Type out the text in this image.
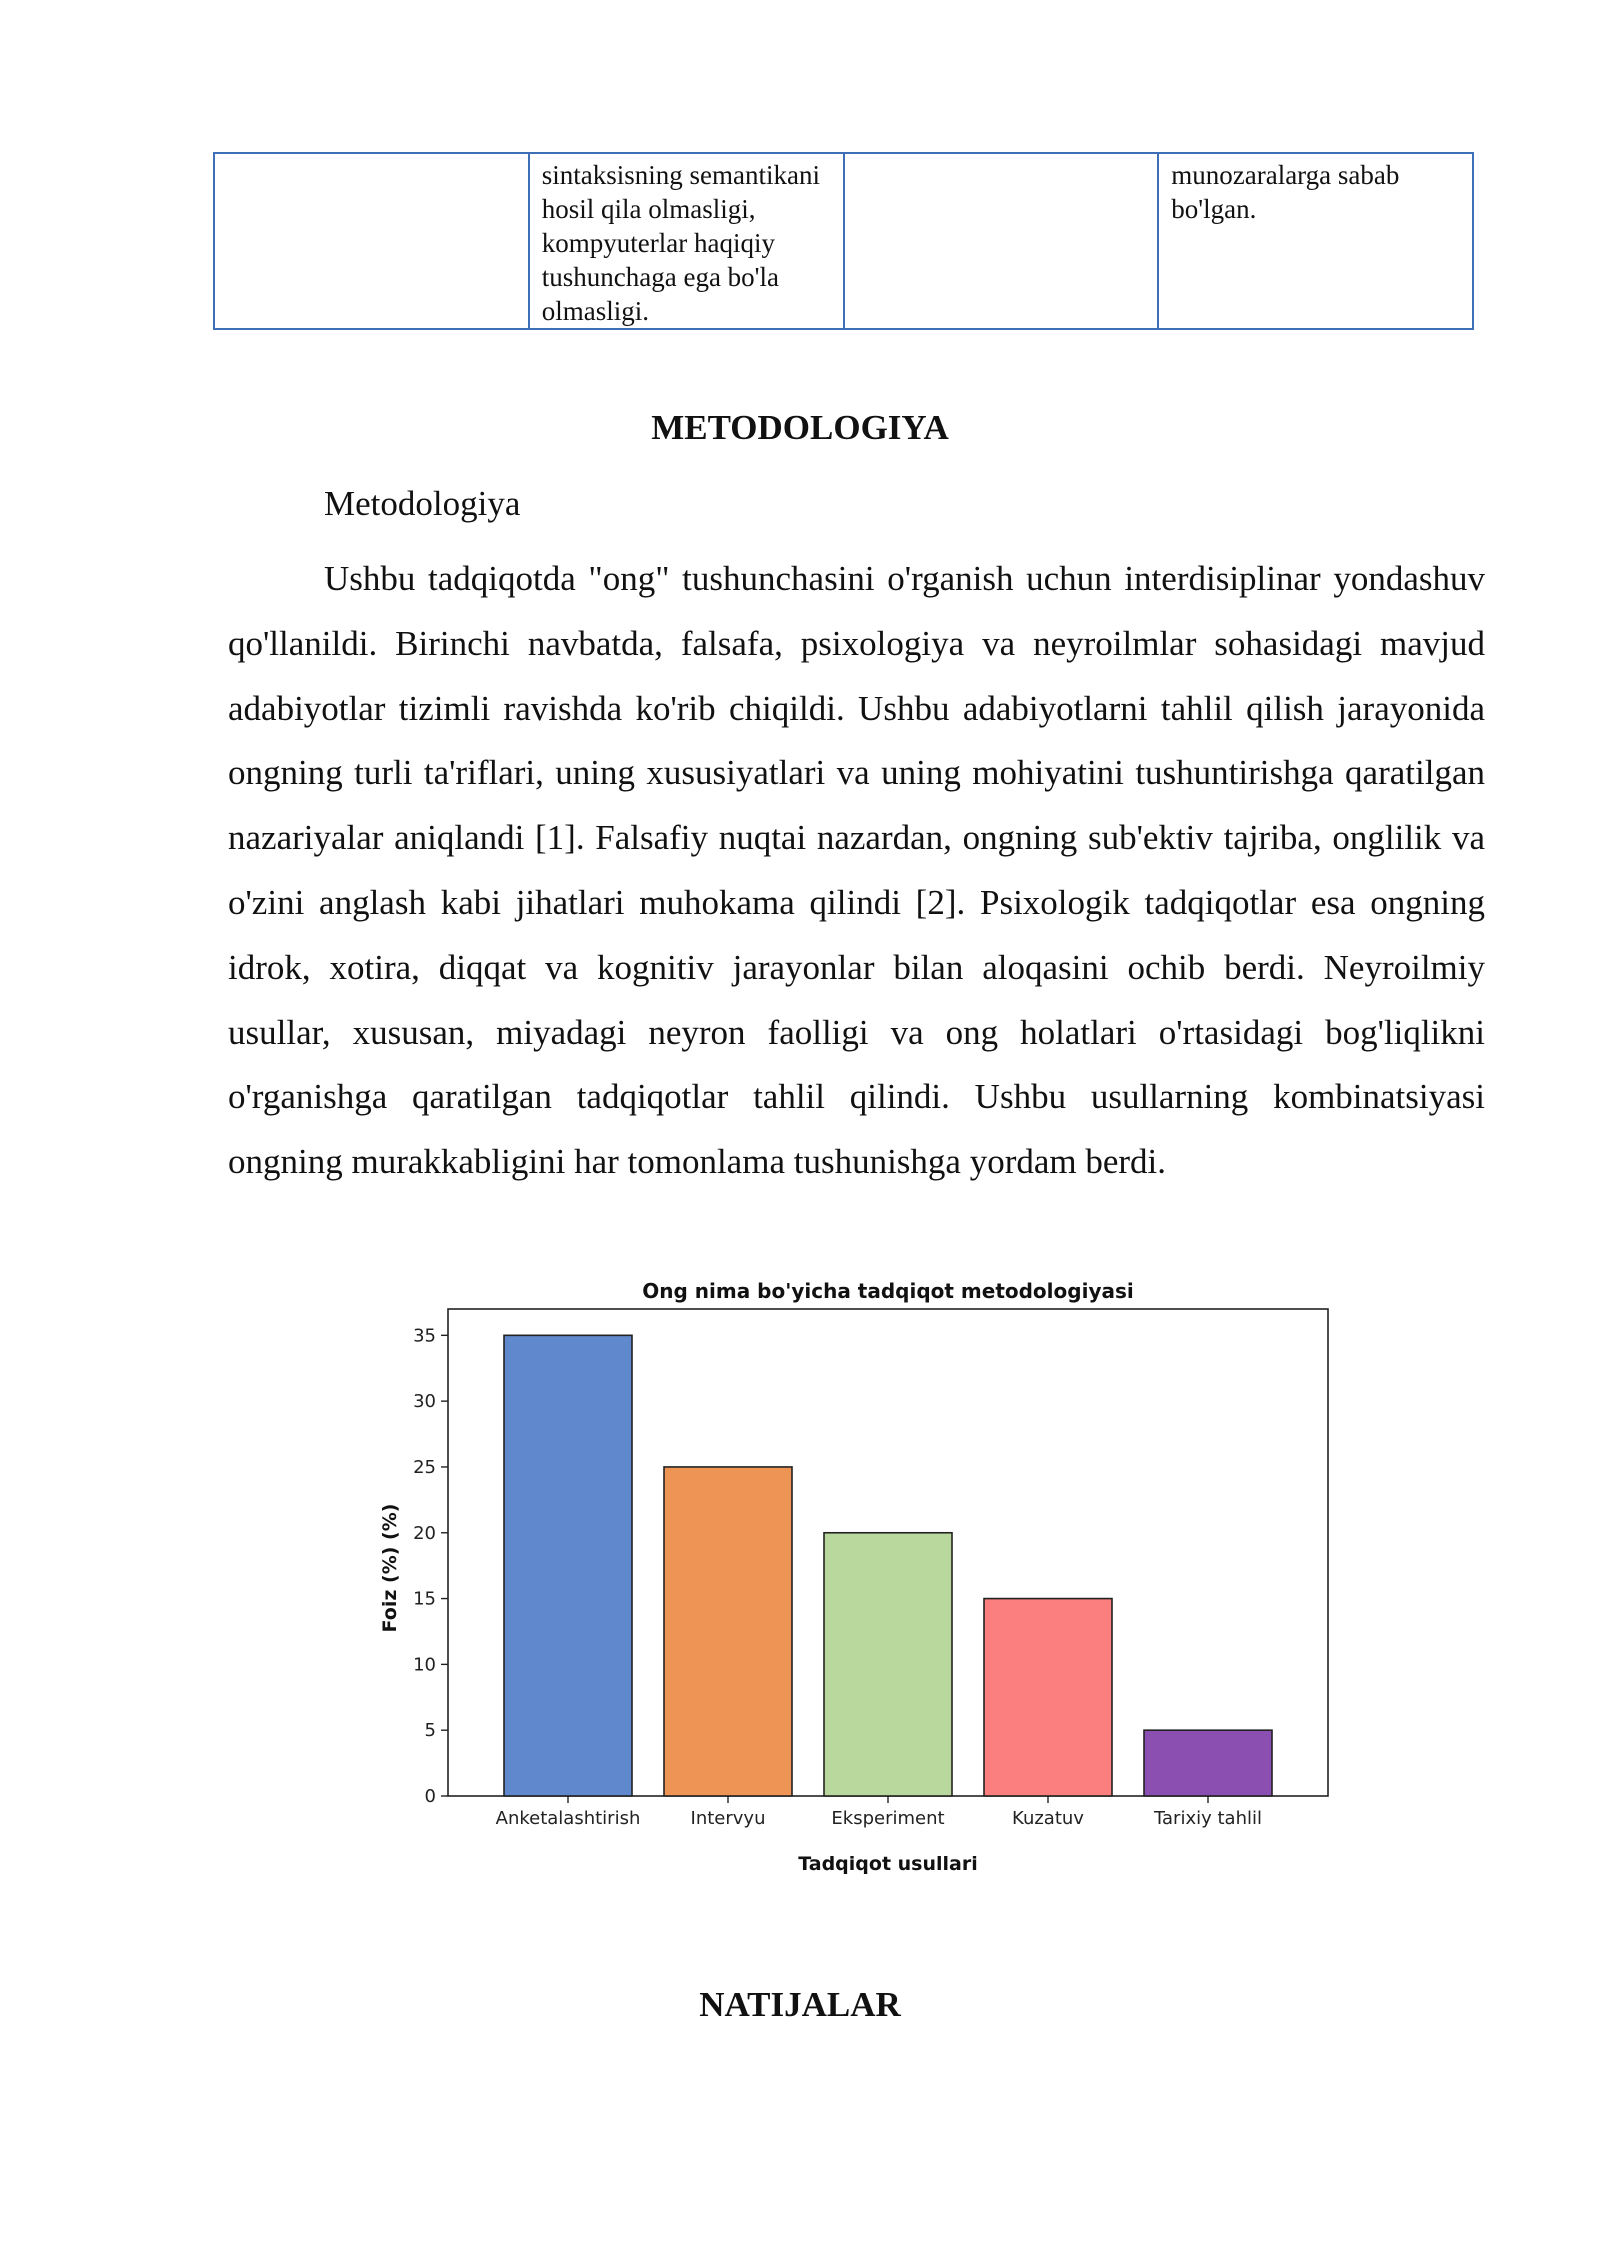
	sintaksisning semantikani hosil qila olmasligi, kompyuterlar haqiqiy tushunchaga ega bo'la olmasligi.		munozaralarga sabab bo'lgan.
METODOLOGIYA
Metodologiya

Ushbu tadqiqotda "ong" tushunchasini o'rganish uchun interdisiplinar yondashuv qo'llanildi. Birinchi navbatda, falsafa, psixologiya va neyroilmlar sohasidagi mavjud adabiyotlar tizimli ravishda ko'rib chiqildi. Ushbu adabiyotlarni tahlil qilish jarayonida ongning turli ta'riflari, uning xususiyatlari va uning mohiyatini tushuntirishga qaratilgan nazariyalar aniqlandi [1]. Falsafiy nuqtai nazardan, ongning sub'ektiv tajriba, onglilik va o'zini anglash kabi jihatlari muhokama qilindi [2]. Psixologik tadqiqotlar esa ongning idrok, xotira, diqqat va kognitiv jarayonlar bilan aloqasini ochib berdi. Neyroilmiy usullar, xususan, miyadagi neyron faolligi va ong holatlari o'rtasidagi bog'liqlikni o'rganishga qaratilgan tadqiqotlar tahlil qilindi. Ushbu usullarning kombinatsiyasi ongning murakkabligini har tomonlama tushunishga yordam berdi.

Ong nima bo'yicha tadqiqot metodologiyasi
0
5
10
15
20
25
30
35
Anketalashtirish	Intervyu	Eksperiment	Kuzatuv	Tarixiy tahlil
Tadqiqot usullari
Foiz (%) (%)
NATIJALAR
